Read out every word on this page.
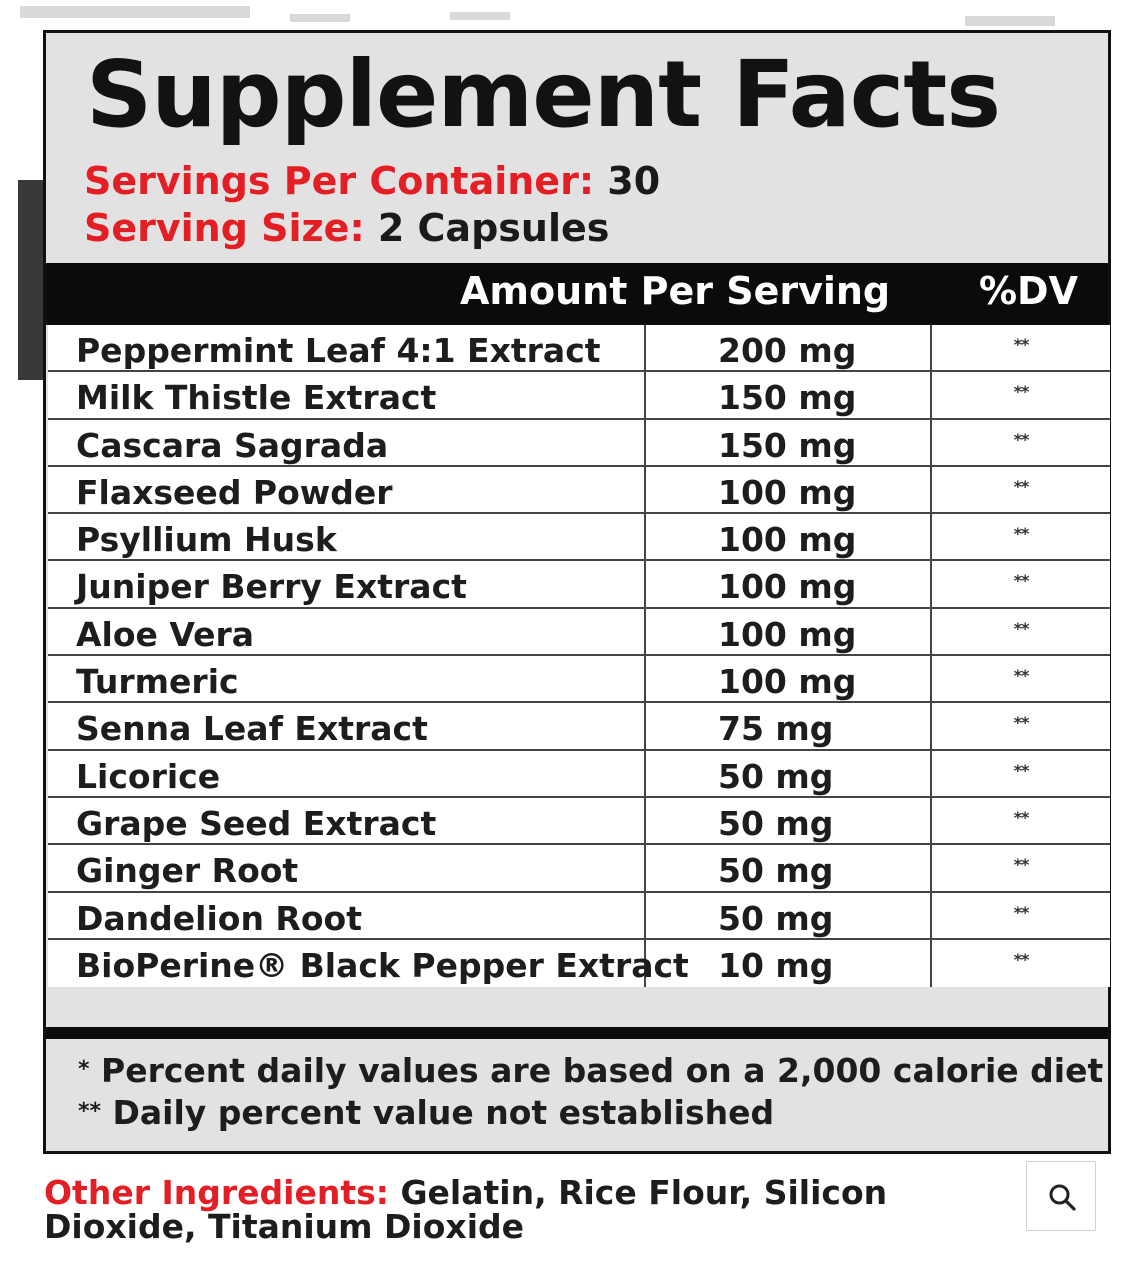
Supplement Facts
Servings Per Container: 30
Serving Size: 2 Capsules
Amount Per Serving %DV
Peppermint Leaf 4:1 Extract	200 mg	**
Milk Thistle Extract	150 mg	**
Cascara Sagrada	150 mg	**
Flaxseed Powder	100 mg	**
Psyllium Husk	100 mg	**
Juniper Berry Extract	100 mg	**
Aloe Vera	100 mg	**
Turmeric	100 mg	**
Senna Leaf Extract	75 mg	**
Licorice	50 mg	**
Grape Seed Extract	50 mg	**
Ginger Root	50 mg	**
Dandelion Root	50 mg	**
BioPerine® Black Pepper Extract 10 mg	**
* Percent daily values are based on a 2,000 calorie diet
** Daily percent value not established
Other Ingredients: Gelatin, Rice Flour, Silicon Dioxide, Titanium Dioxide
